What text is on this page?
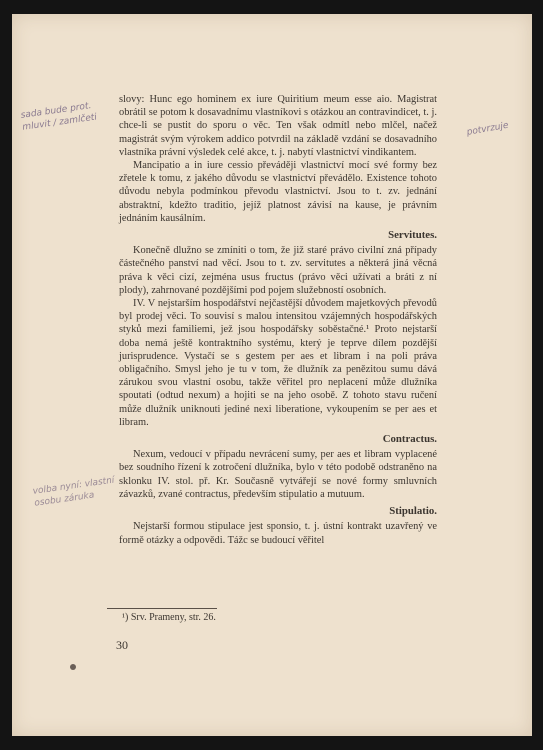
slovy: Hunc ego hominem ex iure Quiritium meum esse aio. Magistrat obrátil se potom k dosavadnímu vlastníkovi s otázkou an contravindicet, t. j. chce-li se pustit do sporu o věc. Ten však odmítl nebo mlčel, načež magistrát svým výrokem addico potvrdil na základě vzdání se dosavadního vlastníka právní výsledek celé akce, t. j. nabytí vlastnictví vindikantem.

Mancipatio a in iure cessio převáději vlastnictví mocí své formy bez zřetele k tomu, z jakého důvodu se vlastnictví převádělo. Existence tohoto důvodu nebyla podmínkou převodu vlastnictví. Jsou to t. zv. jednání abstraktní, kdežto traditio, jejíž platnost závisí na kause, je právním jednáním kausálním.

Servitutes.

Konečně dlužno se zmíniti o tom, že již staré právo civilní zná případy částečného panství nad věcí. Jsou to t. zv. servitutes a některá jiná věcná práva k věci cizí, zejména usus fructus (právo věci užívati a bráti z ní plody), zahrnované pozdějšími pod pojem služebností osobních.

IV. V nejstarším hospodářství nejčastější důvodem majetkových převodů byl prodej věci. To souvisí s malou intensitou vzájemných hospodářských styků mezi familiemi, jež jsou hospodářsky soběstačné.¹ Proto nejstarší doba nemá ještě kontraktního systému, který je teprve dílem pozdější jurisprudence. Vystačí se s gestem per aes et libram i na poli práva obligačního. Smysl jeho je tu v tom, že dlužník za penězitou sumu dává zárukou svou vlastní osobu, takže věřitel pro neplacení může dlužníka spoutati (odtud nexum) a hojiti se na jeho osobě. Z tohoto stavu ručení může dlužník uniknouti jediné nexi liberatione, vykoupením se per aes et libram.

Contractus.

Nexum, vedoucí v případu nevrácení sumy, per aes et libram vyplacené bez soudního řízení k zotročení dlužníka, bylo v této podobě odstraněno na sklonku IV. stol. př. Kr. Současně vytvářejí se nové formy smluvních závazků, zvané contractus, především stipulatio a mutuum.

Stipulatio.

Nejstarší formou stipulace jest sponsio, t. j. ústní kontrakt uzavřený ve formě otázky a odpovědi. Tážc se budoucí věřitel

¹) Srv. Prameny, str. 26.
30
sada bude prot. mluvit / zamlčeti	potvrzuje
volba nyní: vlastní osobu záruka
